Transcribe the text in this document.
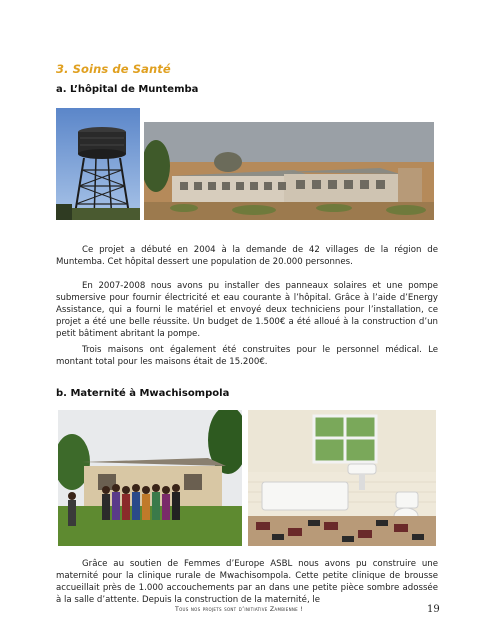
3. Soins de Santé
a. L’hôpital de Muntemba
Ce projet a débuté en 2004 à la demande de 42 villages de la région de Muntemba. Cet hôpital dessert une population de 20.000 personnes.
En 2007-2008 nous avons pu installer des panneaux solaires et une pompe submersive pour fournir électricité et eau courante à l’hôpital. Grâce à l’aide d’Energy Assistance, qui a fourni le matériel et envoyé deux techniciens pour l’installation, ce projet a été une belle réussite. Un budget de 1.500€ a été alloué à la construction d’un petit bâtiment abritant la pompe.
Trois maisons ont également été construites pour le personnel médical. Le montant total pour les maisons était de 15.200€.
b. Maternité à Mwachisompola
Grâce au soutien de Femmes d’Europe ASBL nous avons pu construire une maternité pour la clinique rurale de Mwachisompola. Cette petite clinique de brousse accueillait près de 1.000 accouchements par an dans une petite pièce sombre adossée à la salle d’attente. Depuis la construction de la maternité, le
Tous nos projets sont d’initiative Zambienne !	19
